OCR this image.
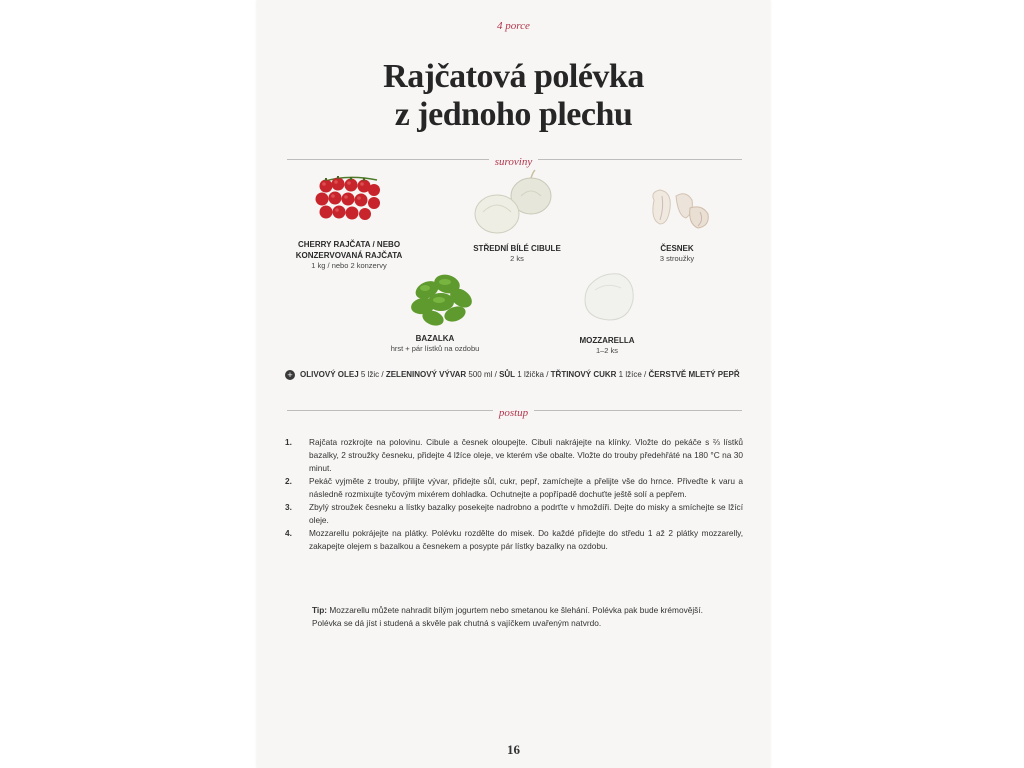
4 porce
Rajčatová polévka
z jednoho plechu
suroviny
CHERRY RAJČATA / NEBO
KONZERVOVANÁ RAJČATA
1 kg / nebo 2 konzervy
STŘEDNÍ BÍLÉ CIBULE
2 ks
ČESNEK
3 stroužky
BAZALKA
hrst + pár lístků na ozdobu
MOZZARELLA
1–2 ks
+ OLIVOVÝ OLEJ 5 lžic / ZELENINOVÝ VÝVAR 500 ml / SŮL 1 lžička / TŘTINOVÝ CUKR 1 lžíce / ČERSTVĚ MLETÝ PEPŘ
postup
1.	Rajčata rozkrojte na polovinu. Cibule a česnek oloupejte. Cibuli nakrájejte na klínky. Vložte do pekáče s ⅔ lístků bazalky, 2 stroužky česneku, přidejte 4 lžíce oleje, ve kterém vše obalte. Vložte do trouby předehřáté na 180 °C na 30 minut.
2.	Pekáč vyjměte z trouby, přilijte vývar, přidejte sůl, cukr, pepř, zamíchejte a přelijte vše do hrnce. Přiveďte k varu a následně rozmixujte tyčovým mixérem dohladka. Ochutnejte a popřípadě dochuťte ještě solí a pepřem.
3.	Zbylý stroužek česneku a lístky bazalky posekejte nadrobno a podrťte v hmoždíři. Dejte do misky a smíchejte se lžící oleje.
4.	Mozzarellu pokrájejte na plátky. Polévku rozdělte do misek. Do každé přidejte do středu 1 až 2 plátky mozzarelly, zakapejte olejem s bazalkou a česnekem a posypte pár lístky bazalky na ozdobu.
Tip: Mozzarellu můžete nahradit bílým jogurtem nebo smetanou ke šlehání. Polévka pak bude krémovější. Polévka se dá jíst i studená a skvěle pak chutná s vajíčkem uvařeným natvrdo.
16
